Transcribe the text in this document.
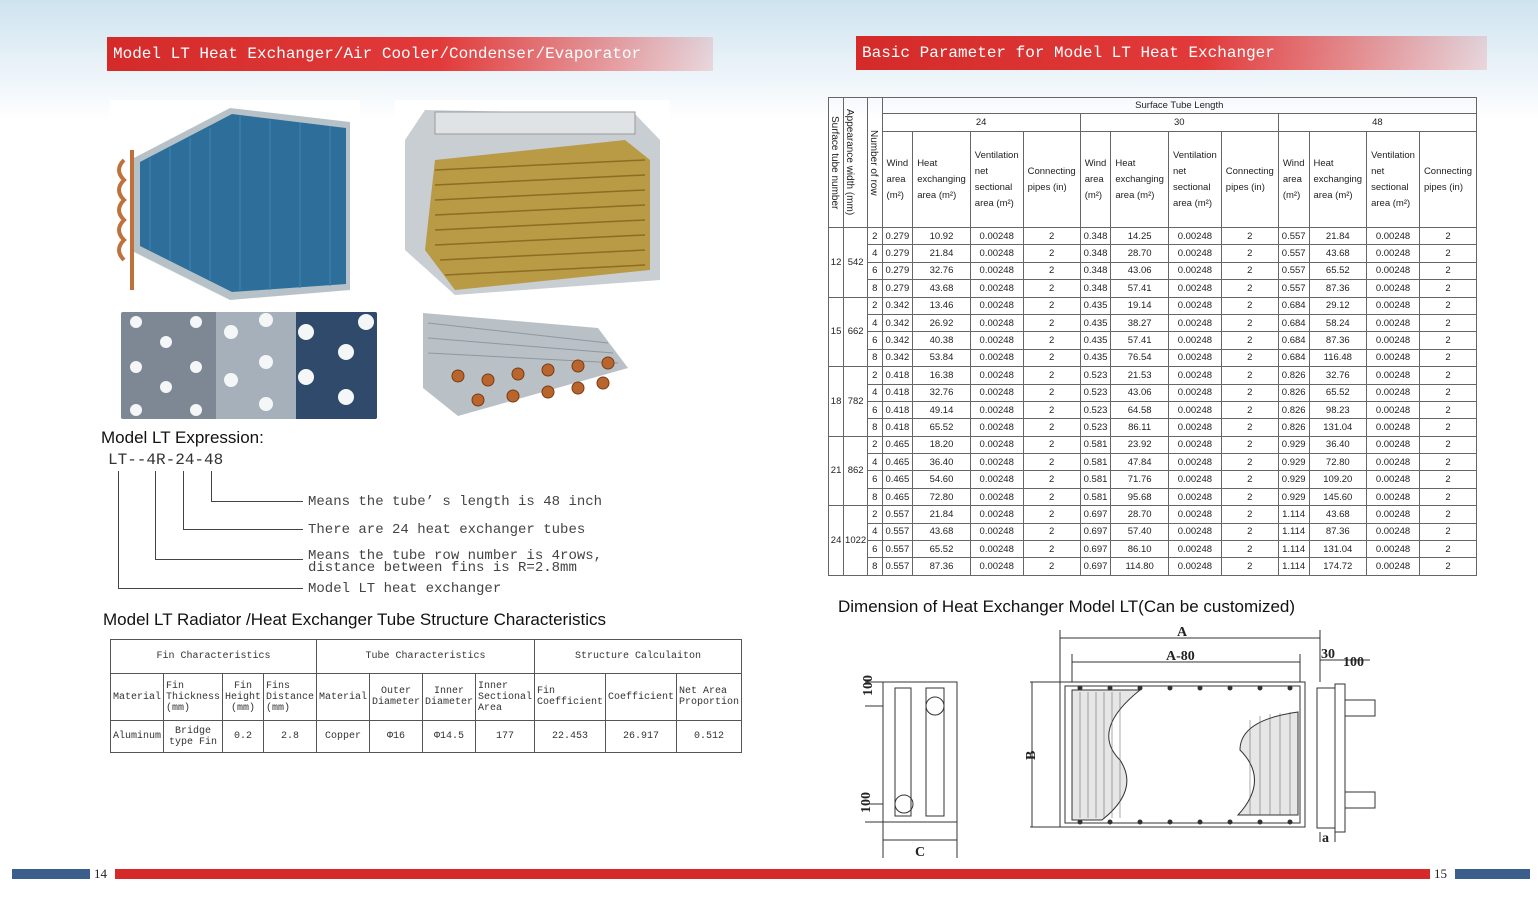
Model LT Heat Exchanger/Air Cooler/Condenser/Evaporator
Model LT Expression:
LT--4R-24-48
Means the tube’ s length is 48 inch
There are 24 heat exchanger tubes
Means the tube row number is 4rows,
distance between fins is R=2.8mm
Model LT heat exchanger
Model LT Radiator /Heat Exchanger Tube Structure Characteristics
Fin Characteristics				Tube Characteristics				Structure Calculaiton		
Material	Fin Thickness (mm)	Fin Height (mm)	Fins Distance (mm)	Material	Outer Diameter	Inner Diameter	Inner Sectional Area	Fin Coefficient	Coefficient	Net Area Proportion
Aluminum	Bridge type Fin	0.2	2.8	Copper	Φ16	Φ14.5	177	22.453	26.917	0.512
Basic Parameter for Model LT Heat Exchanger
Surface tube number	Appearance width (mm)	Number of row	Surface Tube Length											
			24				30				48			
			Wind area (m²)	Heat exchanging area (m²)	Ventilation net sectional area (m²)	Connecting pipes (in)	Wind area (m²)	Heat exchanging area (m²)	Ventilation net sectional area (m²)	Connecting pipes (in)	Wind area (m²)	Heat exchanging area (m²)	Ventilation net sectional area (m²)	Connecting pipes (in)
12	542	2	0.279	10.92	0.00248	2	0.348	14.25	0.00248	2	0.557	21.84	0.00248	2
		4	0.279	21.84	0.00248	2	0.348	28.70	0.00248	2	0.557	43.68	0.00248	2
		6	0.279	32.76	0.00248	2	0.348	43.06	0.00248	2	0.557	65.52	0.00248	2
		8	0.279	43.68	0.00248	2	0.348	57.41	0.00248	2	0.557	87.36	0.00248	2
15	662	2	0.342	13.46	0.00248	2	0.435	19.14	0.00248	2	0.684	29.12	0.00248	2
		4	0.342	26.92	0.00248	2	0.435	38.27	0.00248	2	0.684	58.24	0.00248	2
		6	0.342	40.38	0.00248	2	0.435	57.41	0.00248	2	0.684	87.36	0.00248	2
		8	0.342	53.84	0.00248	2	0.435	76.54	0.00248	2	0.684	116.48	0.00248	2
18	782	2	0.418	16.38	0.00248	2	0.523	21.53	0.00248	2	0.826	32.76	0.00248	2
		4	0.418	32.76	0.00248	2	0.523	43.06	0.00248	2	0.826	65.52	0.00248	2
		6	0.418	49.14	0.00248	2	0.523	64.58	0.00248	2	0.826	98.23	0.00248	2
		8	0.418	65.52	0.00248	2	0.523	86.11	0.00248	2	0.826	131.04	0.00248	2
21	862	2	0.465	18.20	0.00248	2	0.581	23.92	0.00248	2	0.929	36.40	0.00248	2
		4	0.465	36.40	0.00248	2	0.581	47.84	0.00248	2	0.929	72.80	0.00248	2
		6	0.465	54.60	0.00248	2	0.581	71.76	0.00248	2	0.929	109.20	0.00248	2
		8	0.465	72.80	0.00248	2	0.581	95.68	0.00248	2	0.929	145.60	0.00248	2
24	1022	2	0.557	21.84	0.00248	2	0.697	28.70	0.00248	2	1.114	43.68	0.00248	2
		4	0.557	43.68	0.00248	2	0.697	57.40	0.00248	2	1.114	87.36	0.00248	2
		6	0.557	65.52	0.00248	2	0.697	86.10	0.00248	2	1.114	131.04	0.00248	2
		8	0.557	87.36	0.00248	2	0.697	114.80	0.00248	2	1.114	174.72	0.00248	2
Dimension of Heat Exchanger Model LT(Can be customized)
A
A-80	30
100
B
C
a
100
100
14	15
